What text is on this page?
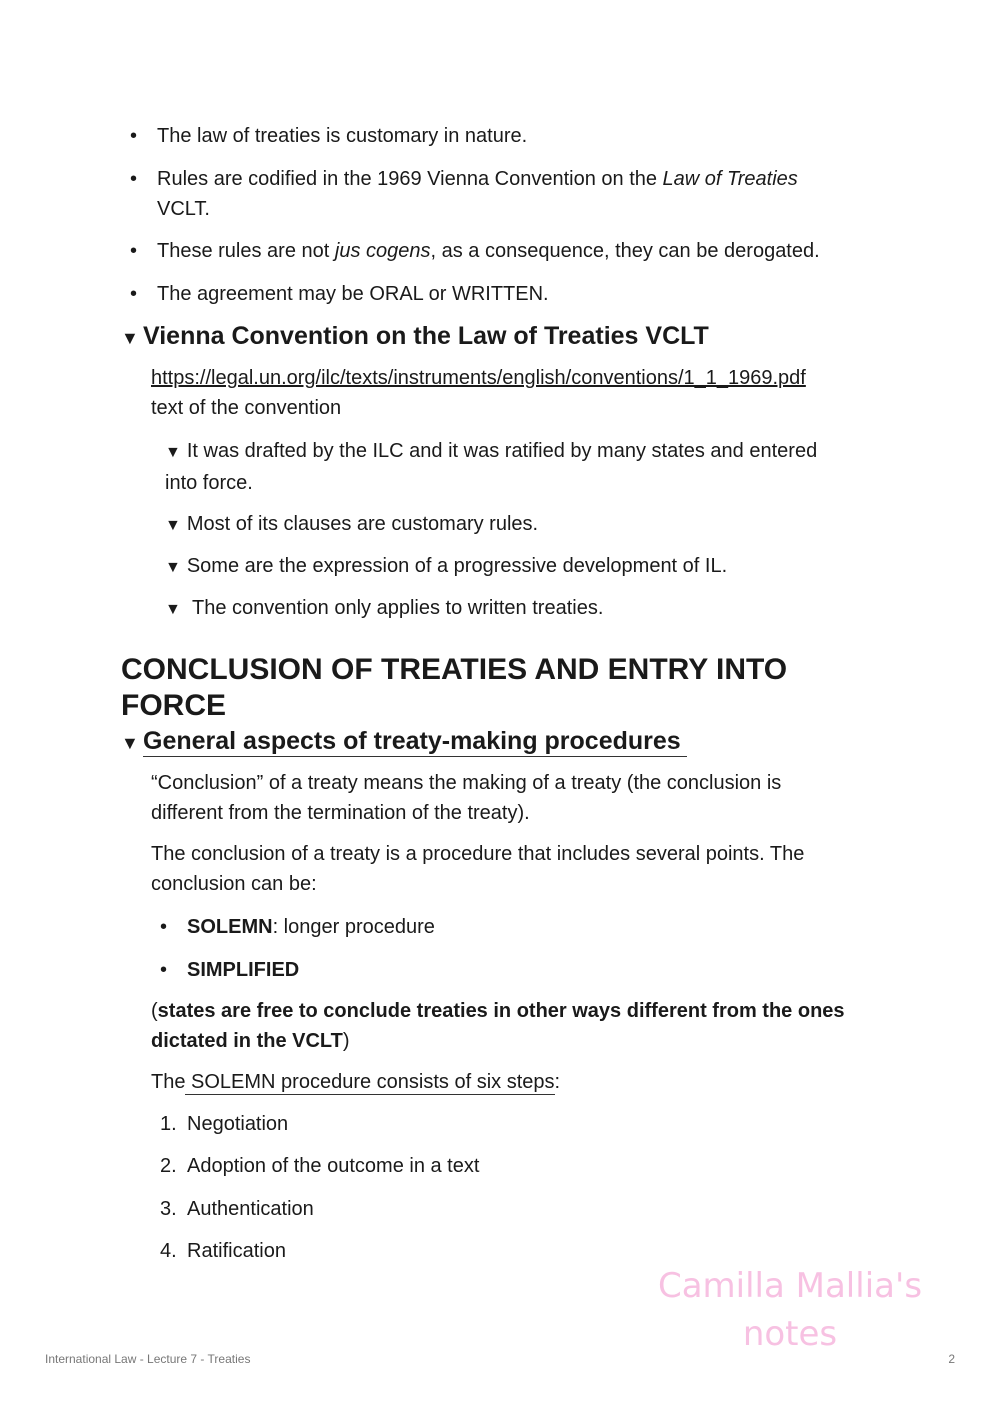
• The law of treaties is customary in nature.
• Rules are codified in the 1969 Vienna Convention on the Law of Treaties
VCLT.
• These rules are not jus cogens, as a consequence, they can be derogated.
• The agreement may be ORAL or WRITTEN.
▼ Vienna Convention on the Law of Treaties VCLT
https://legal.un.org/ilc/texts/instruments/english/conventions/1_1_1969.pdf
text of the convention
▼ It was drafted by the ILC and it was ratified by many states and entered
into force.
▼ Most of its clauses are customary rules.
▼ Some are the expression of a progressive development of IL.
▼ The convention only applies to written treaties.
CONCLUSION OF TREATIES AND ENTRY INTO
FORCE
▼ General aspects of treaty-making procedures
“Conclusion” of a treaty means the making of a treaty (the conclusion is
different from the termination of the treaty).
The conclusion of a treaty is a procedure that includes several points. The
conclusion can be:
• SOLEMN: longer procedure
• SIMPLIFIED
(states are free to conclude treaties in other ways different from the ones
dictated in the VCLT)
The SOLEMN procedure consists of six steps:
1. Negotiation
2. Adoption of the outcome in a text
3. Authentication
4. Ratification
Camilla Mallia's
notes
International Law - Lecture 7 - Treaties	2
